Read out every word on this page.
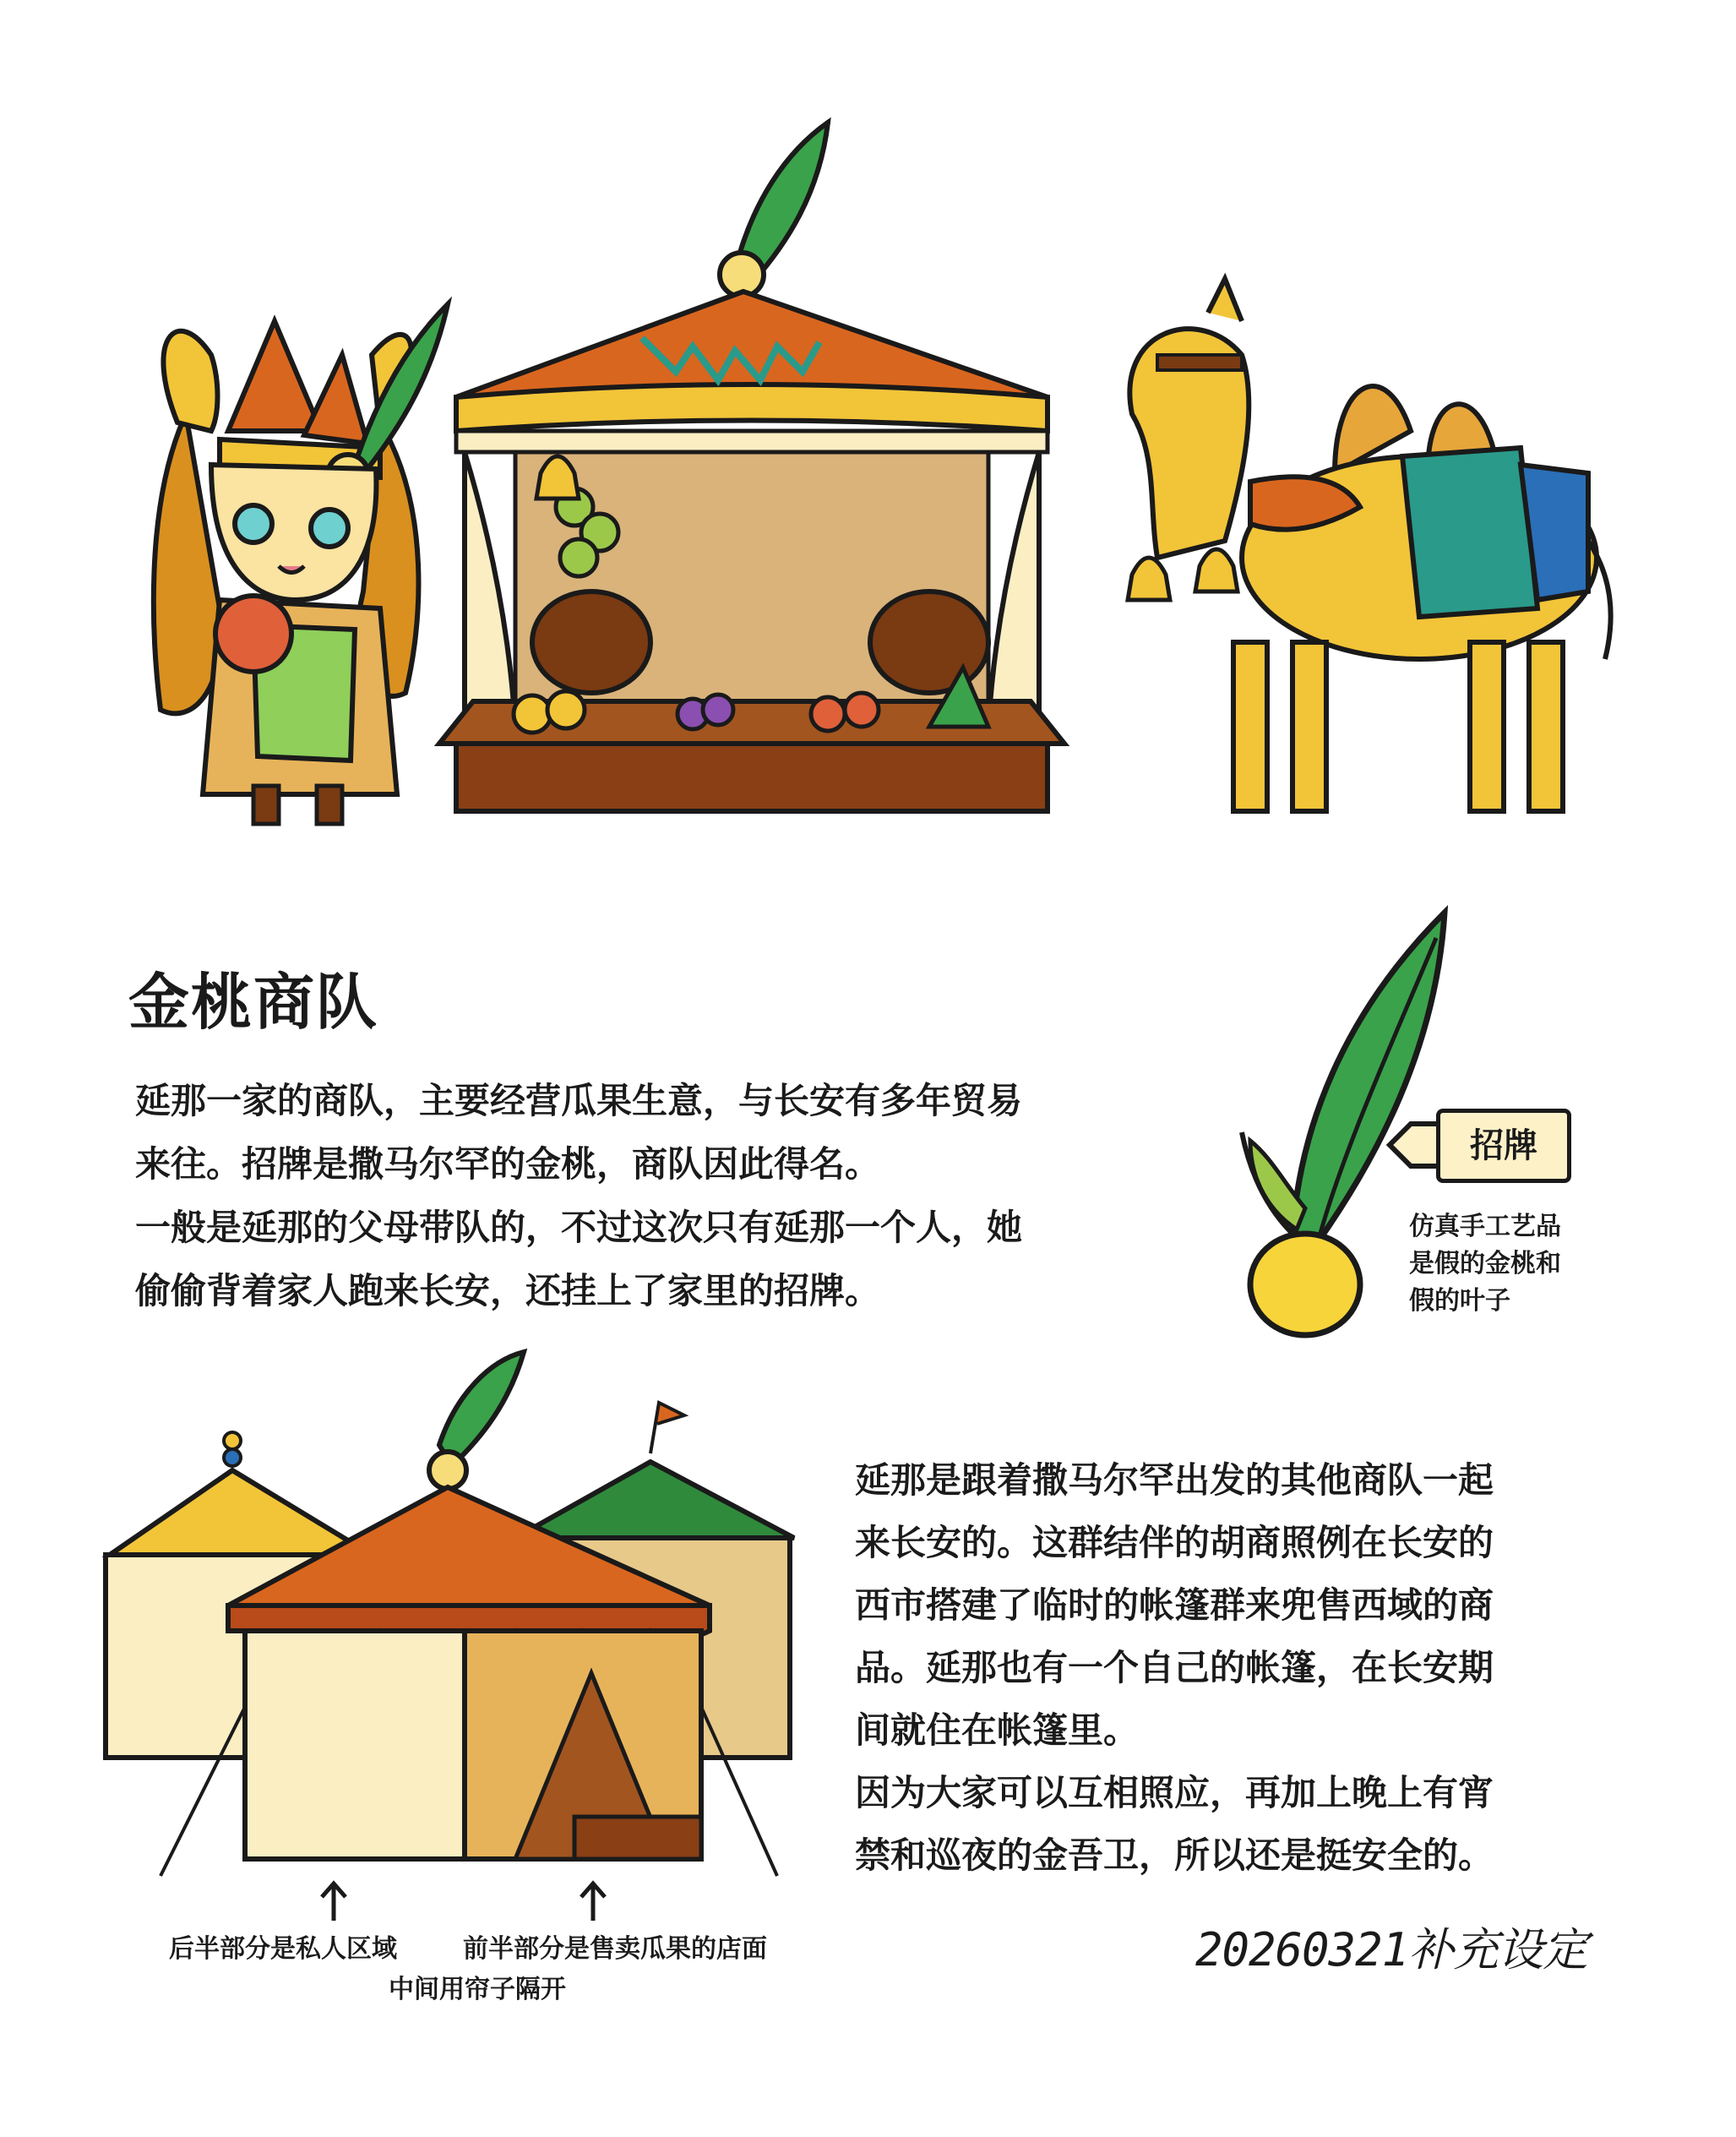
金桃商队

延那一家的商队，主要经营瓜果生意，与长安有多年贸易

来往。招牌是撒马尔罕的金桃，商队因此得名。

一般是延那的父母带队的，不过这次只有延那一个人，她

偷偷背着家人跑来长安，还挂上了家里的招牌。

招牌
仿真手工艺品
是假的金桃和
假的叶子
后半部分是私人区域	前半部分是售卖瓜果的店面
中间用帘子隔开

延那是跟着撒马尔罕出发的其他商队一起

来长安的。这群结伴的胡商照例在长安的

西市搭建了临时的帐篷群来兜售西域的商

品。延那也有一个自己的帐篷，在长安期

间就住在帐篷里。

因为大家可以互相照应，再加上晚上有宵

禁和巡夜的金吾卫，所以还是挺安全的。

20260321补充设定
